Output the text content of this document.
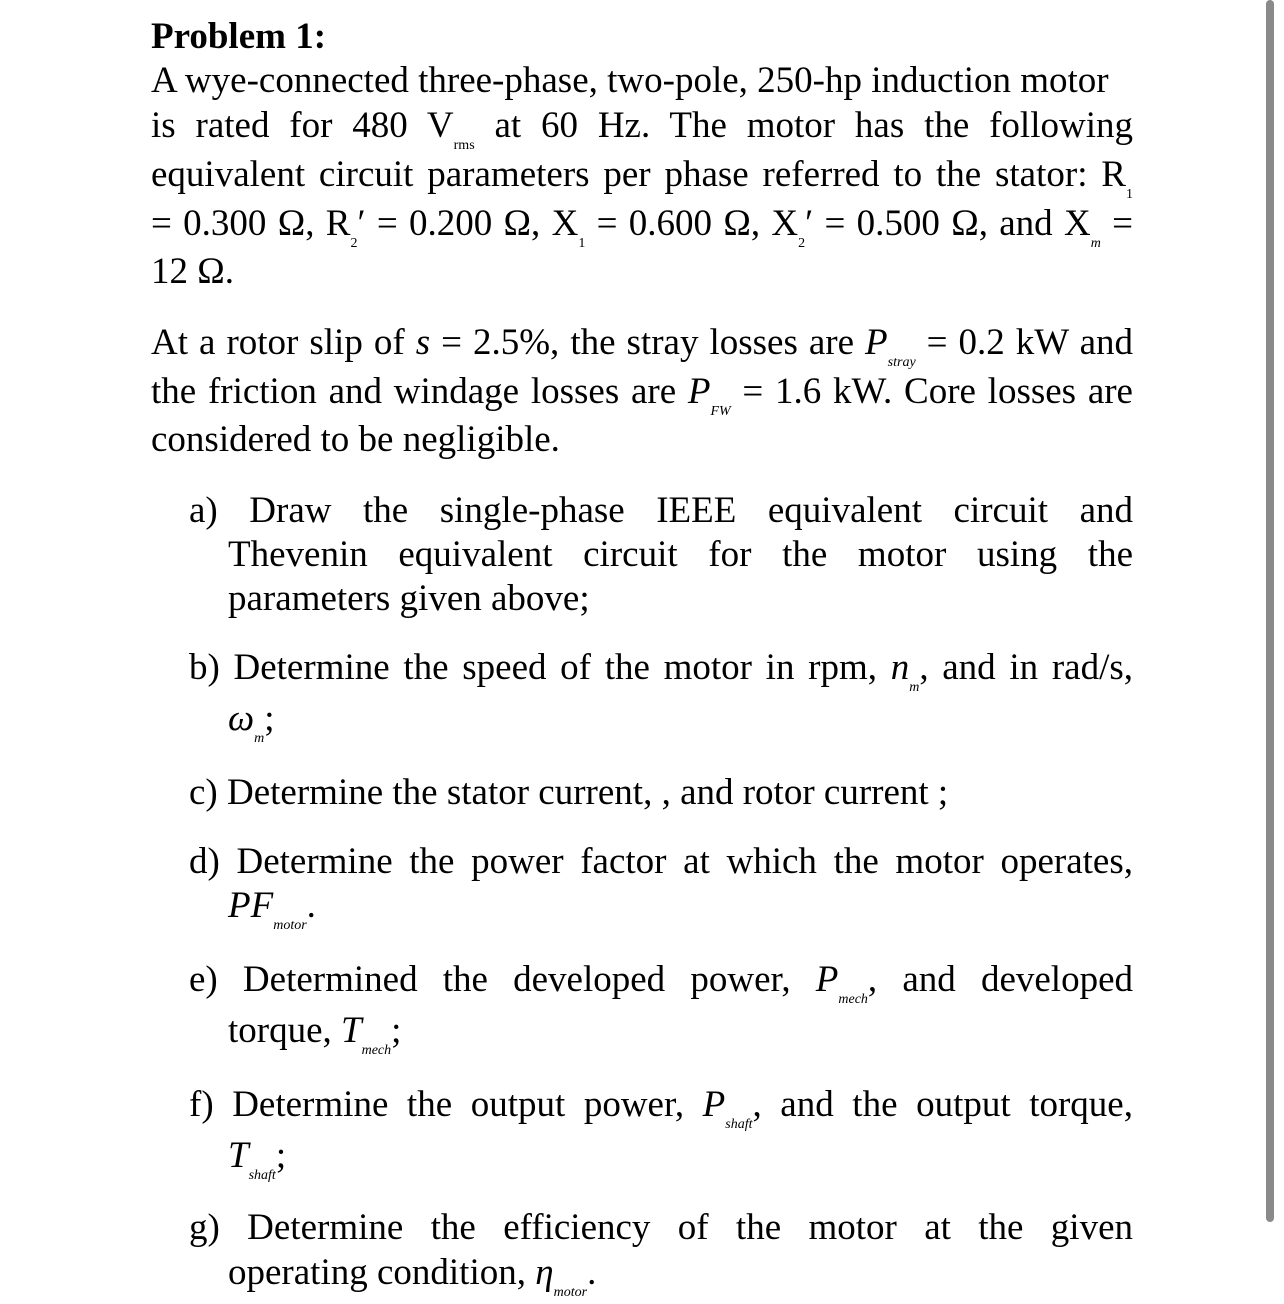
Problem 1:
A wye-connected three-phase, two-pole, 250-hp induction motor
is rated for 480 Vrms at 60 Hz. The motor has the following
equivalent circuit parameters per phase referred to the stator: R1
= 0.300 Ω, R2′ = 0.200 Ω, X1 = 0.600 Ω, X2′ = 0.500 Ω, and Xm =
12 Ω.
At a rotor slip of s = 2.5%, the stray losses are Pstray = 0.2 kW and
the friction and windage losses are PFW = 1.6 kW. Core losses are
considered to be negligible.
a) Draw the single-phase IEEE equivalent circuit and
Thevenin equivalent circuit for the motor using the
parameters given above;
b) Determine the speed of the motor in rpm, nm, and in rad/s,
ωm;
c) Determine the stator current, , and rotor current ;
d) Determine the power factor at which the motor operates,
PFmotor.
e) Determined the developed power, Pmech, and developed
torque, Tmech;
f) Determine the output power, Pshaft, and the output torque,
Tshaft;
g) Determine the efficiency of the motor at the given
operating condition, ηmotor.
